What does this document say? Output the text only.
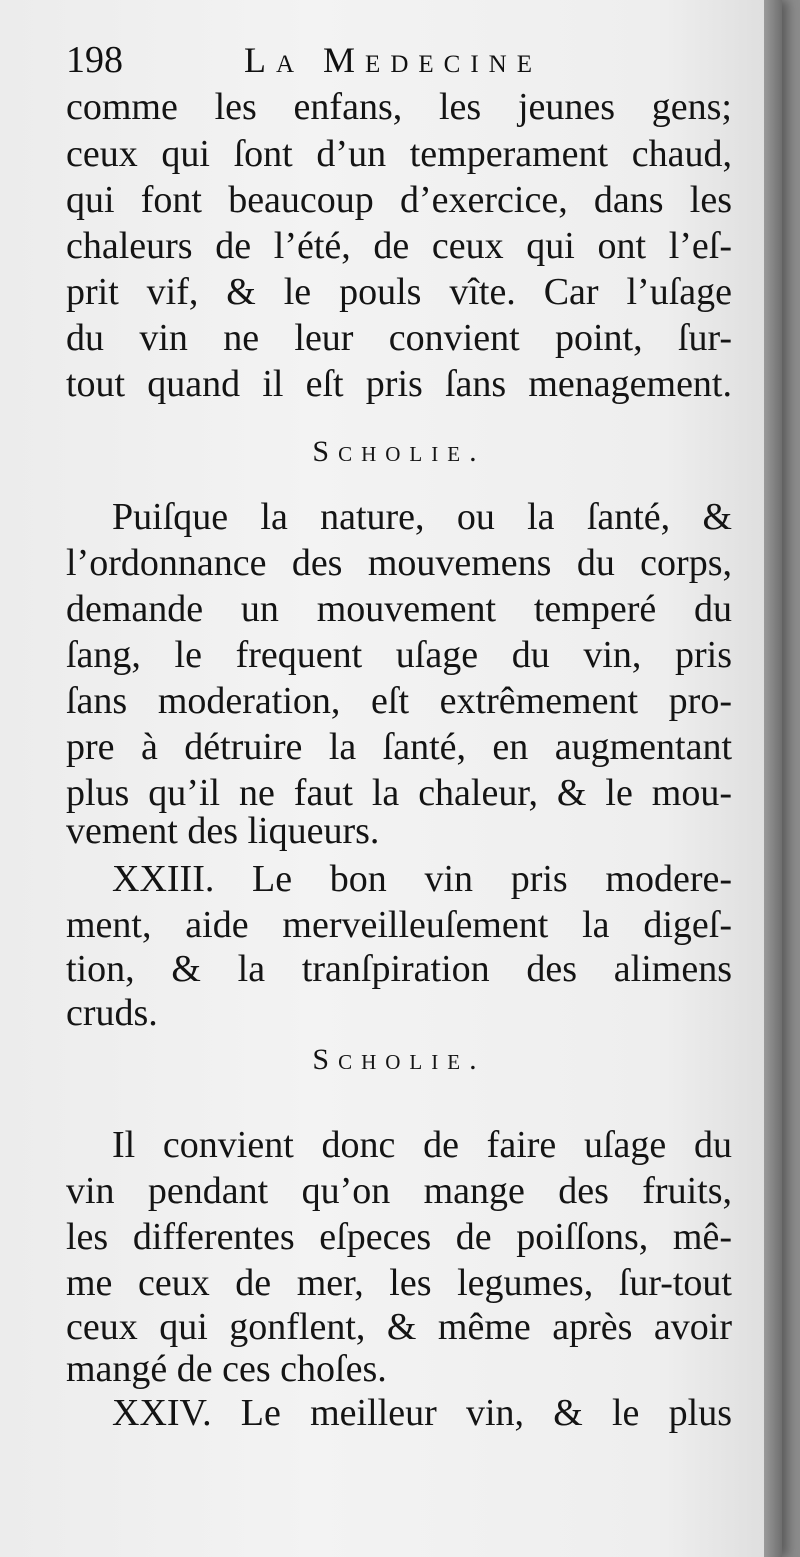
198	La Medecine

comme les enfans, les jeunes gens;

ceux qui ſont d’un temperament chaud,

qui font beaucoup d’exercice, dans les

chaleurs de l’été, de ceux qui ont l’eſ-

prit vif, & le pouls vîte. Car l’uſage

du vin ne leur convient point, ſur-

tout quand il eſt pris ſans menagement.

Scholie.

Puiſque la nature, ou la ſanté, &

l’ordonnance des mouvemens du corps,

demande un mouvement temperé du

ſang, le frequent uſage du vin, pris

ſans moderation, eſt extrêmement pro-

pre à détruire la ſanté, en augmentant

plus qu’il ne faut la chaleur, & le mou-

vement des liqueurs.

XXIII. Le bon vin pris modere-

ment, aide merveilleuſement la digeſ-

tion, & la tranſpiration des alimens

cruds.

Scholie.

Il convient donc de faire uſage du

vin pendant qu’on mange des fruits,

les differentes eſpeces de poiſſons, mê-

me ceux de mer, les legumes, ſur-tout

ceux qui gonflent, & même après avoir

mangé de ces choſes.

XXIV. Le meilleur vin, & le plus
